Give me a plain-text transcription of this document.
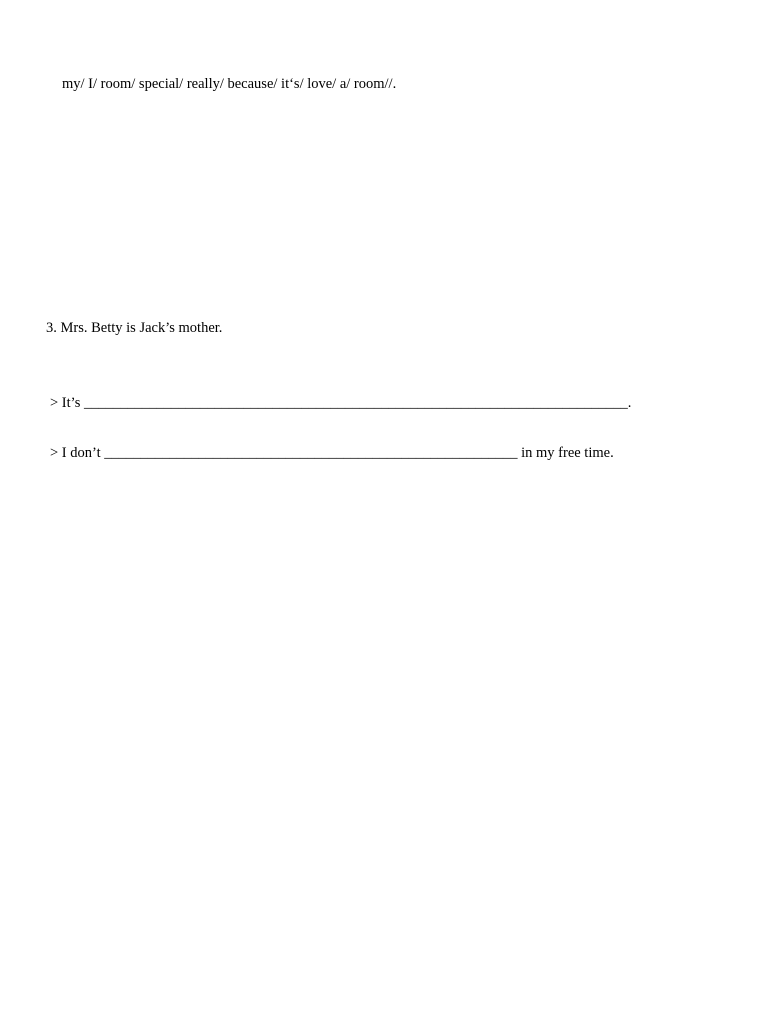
my/ I/ room/ special/ really/ because/ it‘s/ love/ a/ room//.
3. Mrs. Betty is Jack’s mother.
> It’s ___________________________________________________________________________.
> I don’t _________________________________________________________ in my free time.
